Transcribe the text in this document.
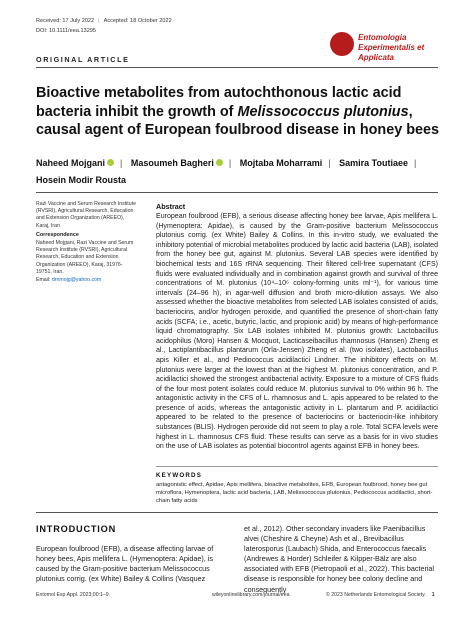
Received: 17 July 2022 | Accepted: 18 October 2022
DOI: 10.1111/eea.13295
Entomologia
Experimentalis et Applicata
ORIGINAL ARTICLE
Bioactive metabolites from autochthonous lactic acid bacteria inhibit the growth of Melissococcus plutonius, causal agent of European foulbrood disease in honey bees
Naheed Mojgani | Masoumeh Bagheri | Mojtaba Moharrami | Samira Toutiaee |
Hosein Modir Rousta
Razi Vaccine and Serum Research Institute (RVSRI), Agricultural Research, Education and Extension Organization (AREEO), Karaj, Iran
Correspondence
Naheed Mojgani, Razi Vaccine and Serum Research Institute (RVSRI), Agricultural Research, Education and Extension Organization (AREEO), Karaj, 31976-19751, Iran.
Email: drnmojg@yahoo.com
Abstract
European foulbrood (EFB), a serious disease affecting honey bee larvae, Apis mellifera L. (Hymenoptera: Apidae), is caused by the Gram-positive bacterium Melissococcus plutonius corrig. (ex White) Bailey & Collins. In this in-vitro study, we evaluated the inhibitory potential of microbial metabolites produced by lactic acid bacteria (LAB), isolated from the honey bee gut, against M. plutonius. Several LAB species were identified by biochemical tests and 16S rRNA sequencing. Their filtered cell-free supernatant (CFS) fluids were evaluated individually and in combination against growth and survival of three concentrations of M. plutonius (10⁴–10⁶ colony-forming units ml⁻¹), for various time intervals (24–96 h), in agar-well diffusion and broth micro-dilution assays. We also assessed whether the bioactive metabolites from selected LAB isolates consisted of acids, bacteriocins, and/or hydrogen peroxide, and quantified the presence of short-chain fatty acids (SCFA; i.e., acetic, butyric, lactic, and propionic acid) by means of high-performance liquid chromatography. Six LAB isolates inhibited M. plutonius growth: Lactobacillus acidophilus (Moro) Hansen & Mocquot, Lacticaseibacillus rhamnosus (Hansen) Zheng et al., Lactiplantibacillus plantarum (Orla-Jensen) Zheng et al. (two isolates), Lactobacillus apis Killer et al., and Pediococcus acidilactici Lindner. The inhibitory effects on M. plutonius were larger at the lowest than at the highest M. plutonius concentration, and P. acidilactici showed the strongest antibacterial activity. Exposure to a mixture of CFS fluids of the four most potent isolates could reduce M. plutonius survival to 0% within 96 h. The antagonistic activity in the CFS of L. rhamnosus and L. apis appeared to be related to the presence of acids, whereas the antagonistic activity in L. plantarum and P. acidilactici appeared to be related to the presence of bacteriocins or bacteriocin-like inhibitory substances (BLIS). Hydrogen peroxide did not seem to play a role. Total SCFA levels were highest in L. rhamnosus CFS fluid. These results can serve as a basis for in vivo studies on the use of LAB isolates as potential biocontrol agents against EFB in honey bees.
KEYWORDS
antagonistic effect, Apidae, Apis mellifera, bioactive metabolites, EFB, European foulbrood, honey bee gut microflora, Hymenoptera, lactic acid bacteria, LAB, Melissococcus plutonius, Pediococcus acidilactici, short-chain fatty acids
INTRODUCTION
European foulbrood (EFB), a disease affecting larvae of honey bees, Apis mellifera L. (Hymenoptera: Apidae), is caused by the Gram-positive bacterium Melissococcus plutonius corrig. (ex White) Bailey & Collins (Vasquez
et al., 2012). Other secondary invaders like Paenibacillus alvei (Cheshire & Cheyne) Ash et al., Brevibacillus laterosporus (Laubach) Shida, and Enterococcus faecalis (Andrewes & Horder) Schleifer & Kilpper-Bälz are also associated with EFB (Pietropaoli et al., 2022). This bacterial disease is responsible for honey bee colony decline and consequently
Entomol Exp Appl. 2023;00:1–9.	wileyonlinelibrary.com/journal/eea	© 2023 Netherlands Entomological Society. 1
